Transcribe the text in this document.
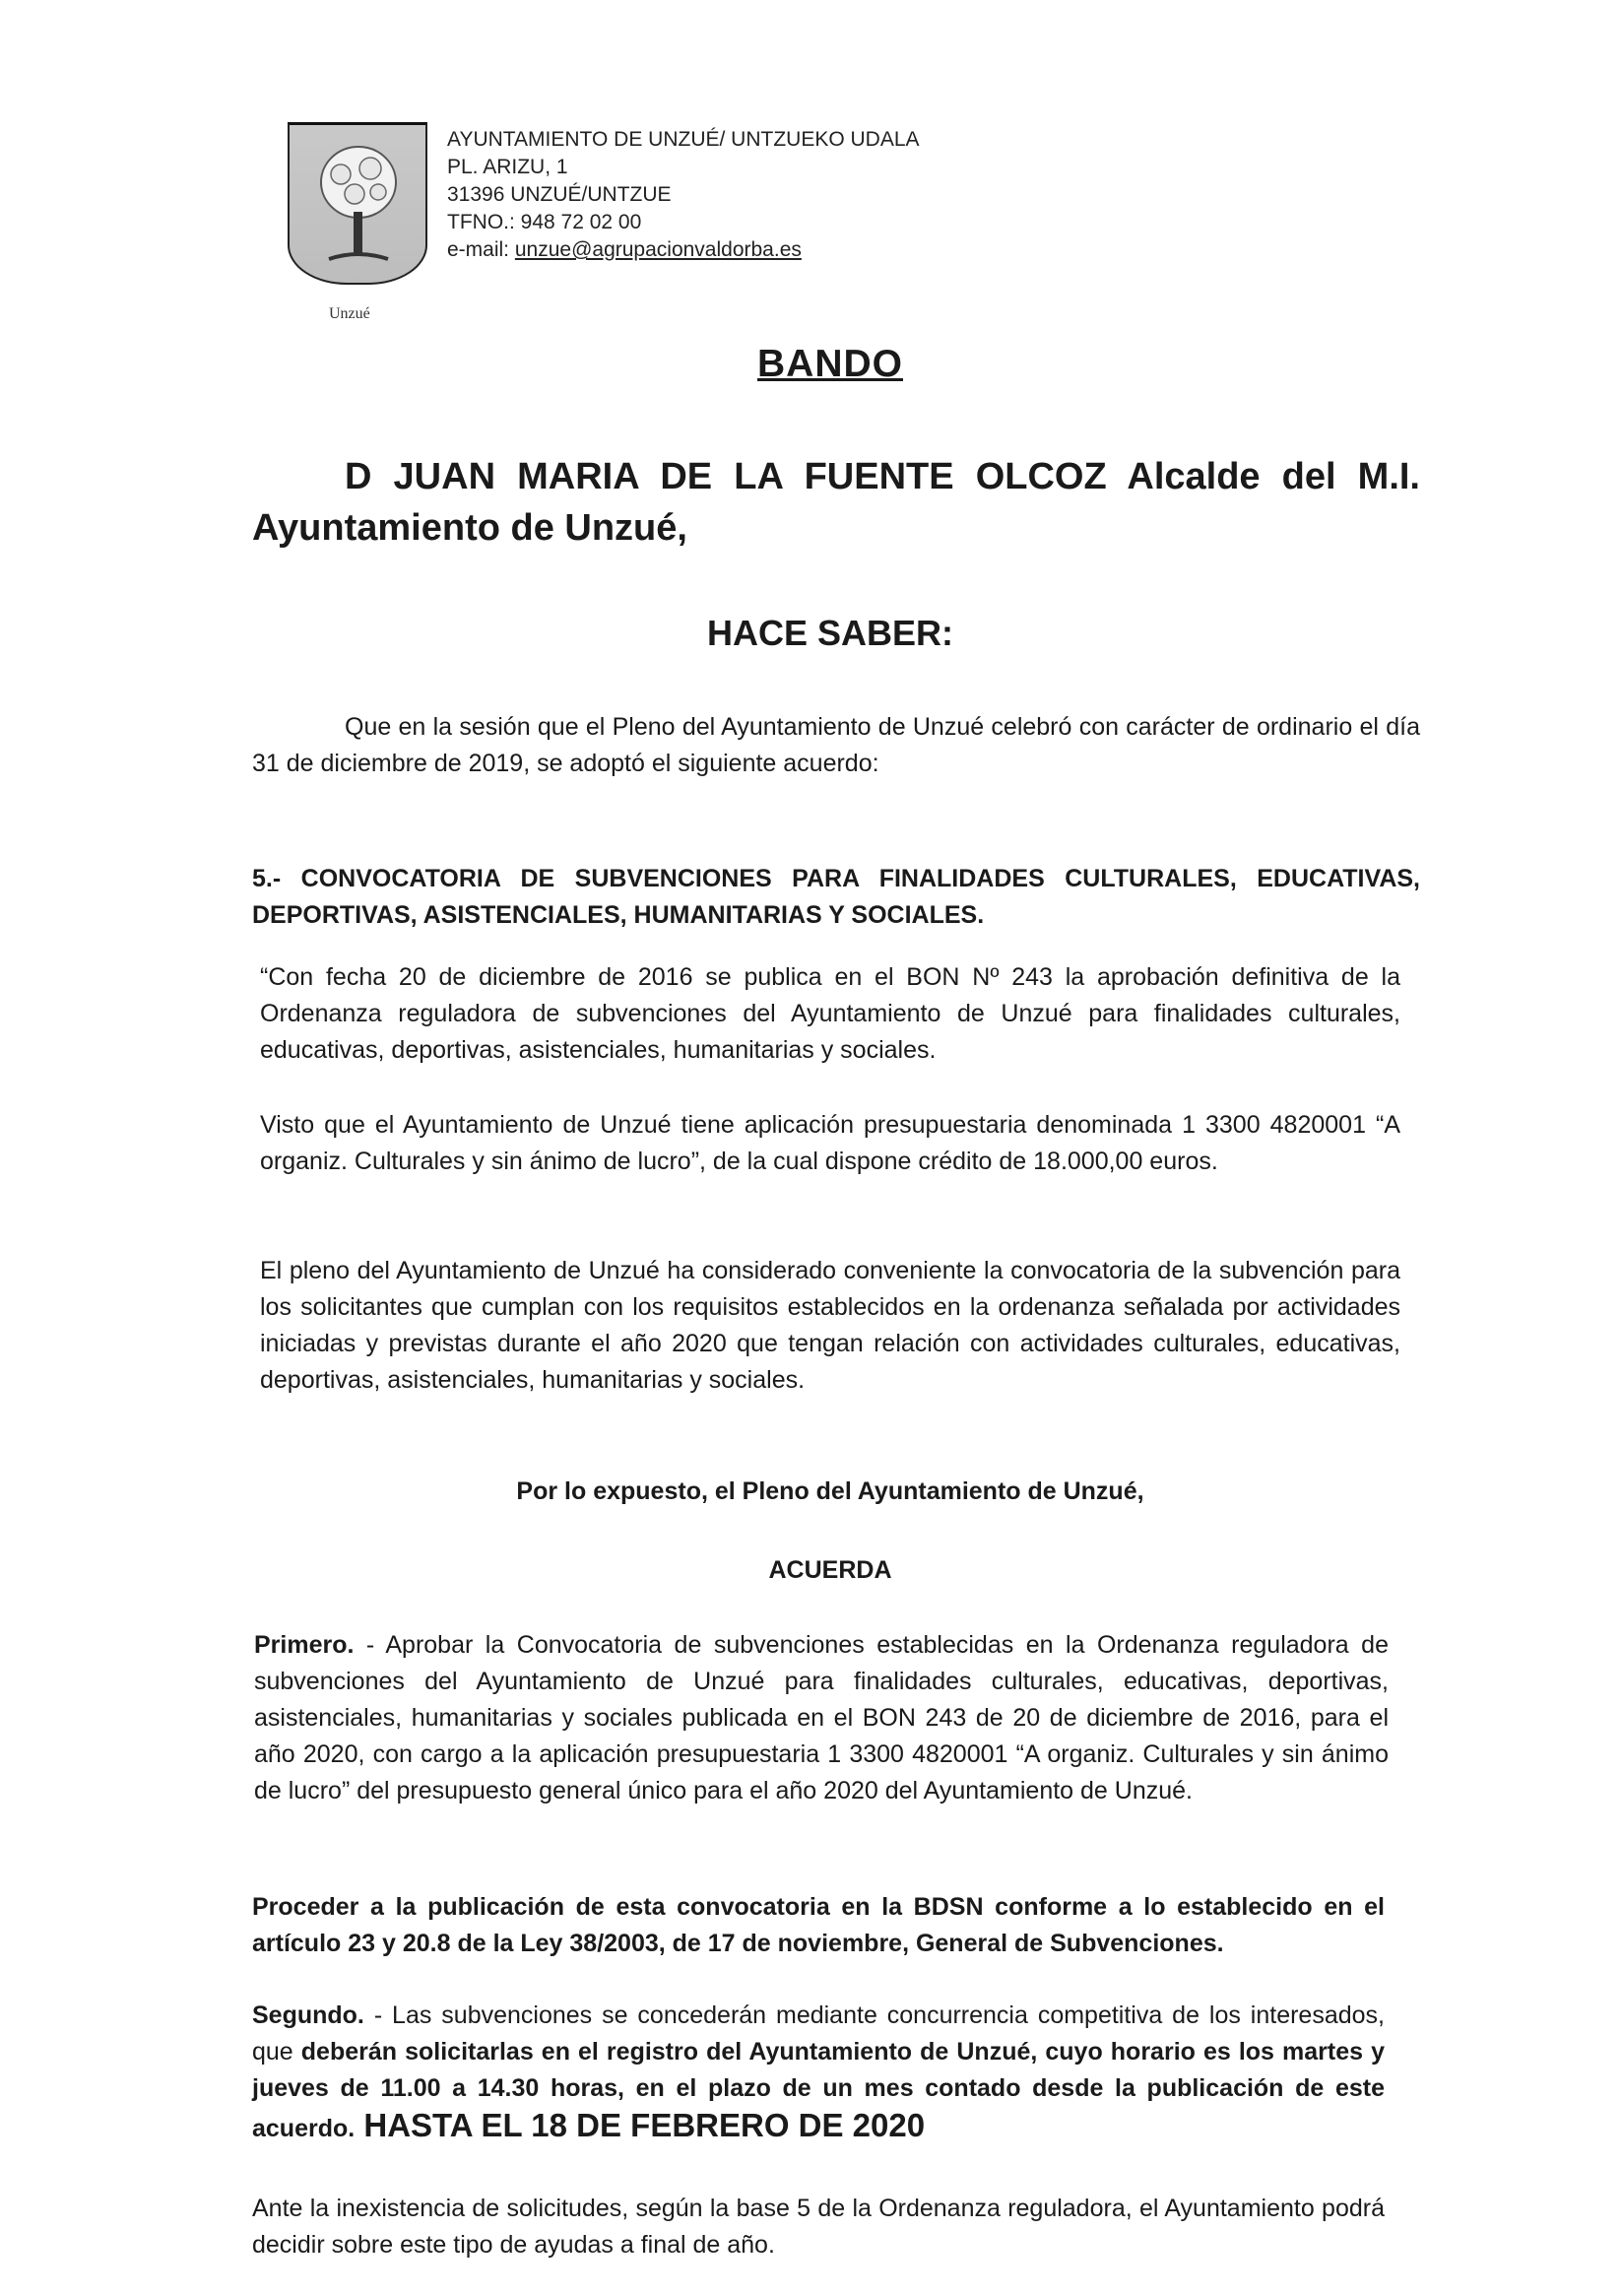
Unzué
AYUNTAMIENTO DE UNZUÉ/ UNTZUEKO UDALA
PL. ARIZU, 1
31396 UNZUÉ/UNTZUE
TFNO.: 948 72 02 00
e-mail: unzue@agrupacionvaldorba.es
BANDO
D JUAN MARIA DE LA FUENTE OLCOZ Alcalde del M.I. Ayuntamiento de Unzué,
HACE SABER:
Que en la sesión que el Pleno del Ayuntamiento de Unzué celebró con carácter de ordinario el día 31 de diciembre de 2019, se adoptó el siguiente acuerdo:
5.- CONVOCATORIA DE SUBVENCIONES PARA FINALIDADES CULTURALES, EDUCATIVAS, DEPORTIVAS, ASISTENCIALES, HUMANITARIAS Y SOCIALES.
“Con fecha 20 de diciembre de 2016 se publica en el BON Nº 243 la aprobación definitiva de la Ordenanza reguladora de subvenciones del Ayuntamiento de Unzué para finalidades culturales, educativas, deportivas, asistenciales, humanitarias y sociales.
Visto que el Ayuntamiento de Unzué tiene aplicación presupuestaria denominada 1 3300 4820001 “A organiz. Culturales y sin ánimo de lucro”, de la cual dispone crédito de 18.000,00 euros.
El pleno del Ayuntamiento de Unzué ha considerado conveniente la convocatoria de la subvención para los solicitantes que cumplan con los requisitos establecidos en la ordenanza señalada por actividades iniciadas y previstas durante el año 2020 que tengan relación con actividades culturales, educativas, deportivas, asistenciales, humanitarias y sociales.
Por lo expuesto, el Pleno del Ayuntamiento de Unzué,
ACUERDA
Primero. - Aprobar la Convocatoria de subvenciones establecidas en la Ordenanza reguladora de subvenciones del Ayuntamiento de Unzué para finalidades culturales, educativas, deportivas, asistenciales, humanitarias y sociales publicada en el BON 243 de 20 de diciembre de 2016, para el año 2020, con cargo a la aplicación presupuestaria 1 3300 4820001 “A organiz. Culturales y sin ánimo de lucro” del presupuesto general único para el año 2020 del Ayuntamiento de Unzué.
Proceder a la publicación de esta convocatoria en la BDSN conforme a lo establecido en el artículo 23 y 20.8 de la Ley 38/2003, de 17 de noviembre, General de Subvenciones.
Segundo. - Las subvenciones se concederán mediante concurrencia competitiva de los interesados, que deberán solicitarlas en el registro del Ayuntamiento de Unzué, cuyo horario es los martes y jueves de 11.00 a 14.30 horas, en el plazo de un mes contado desde la publicación de este acuerdo. HASTA EL 18 DE FEBRERO DE 2020
Ante la inexistencia de solicitudes, según la base 5 de la Ordenanza reguladora, el Ayuntamiento podrá decidir sobre este tipo de ayudas a final de año.
